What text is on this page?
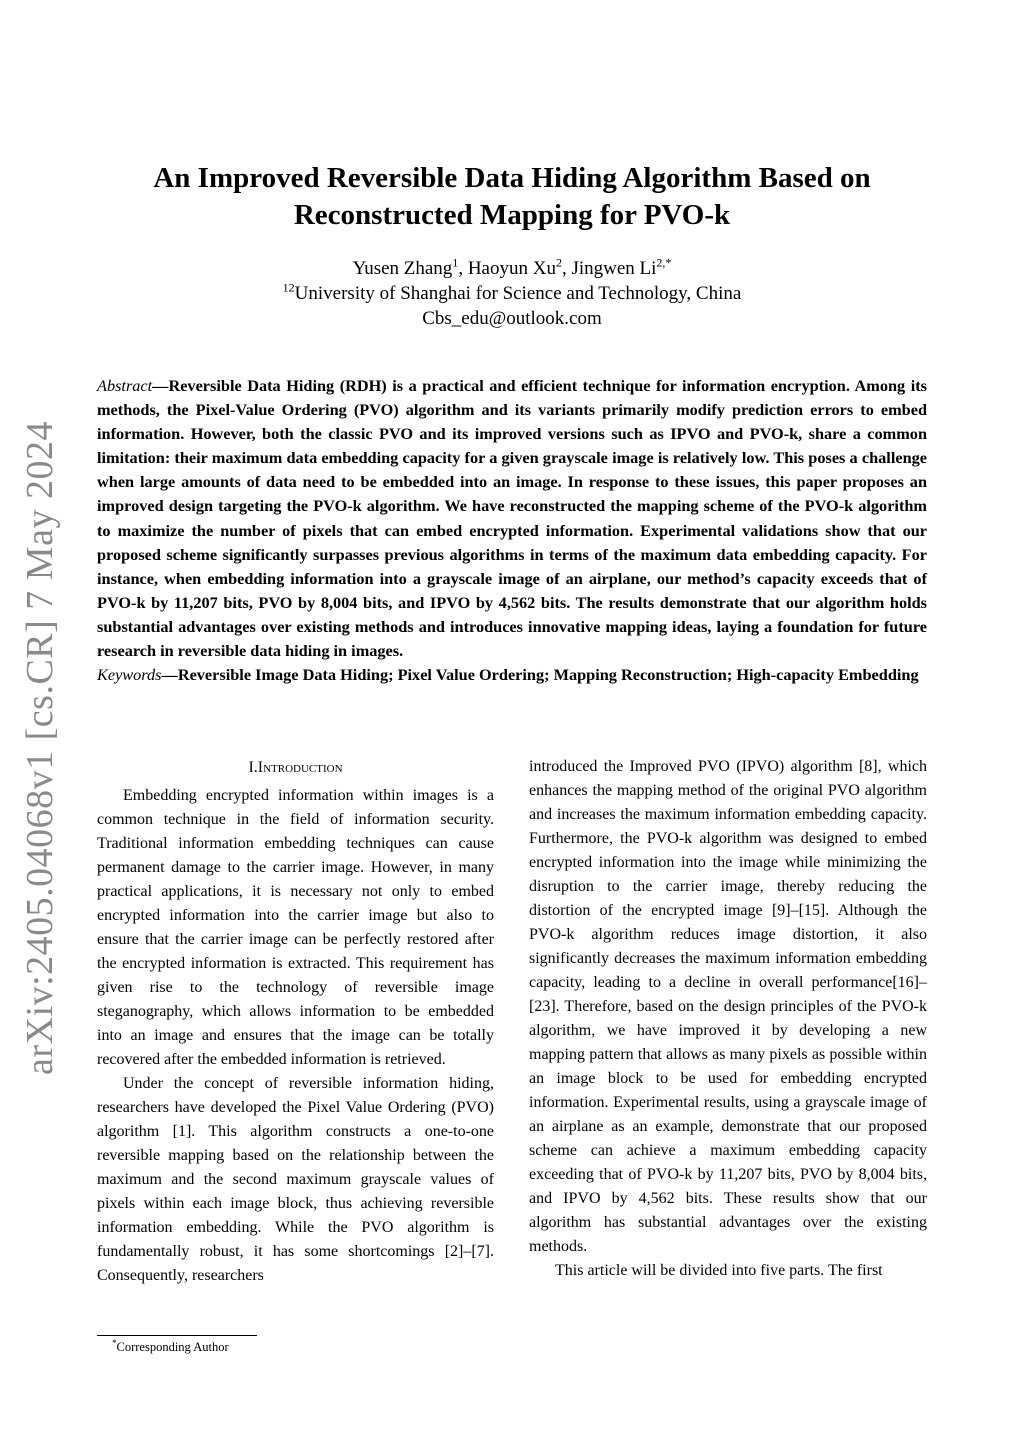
arXiv:2405.04068v1 [cs.CR] 7 May 2024
An Improved Reversible Data Hiding Algorithm Based on
Reconstructed Mapping for PVO-k
Yusen Zhang$^1$, Haoyun Xu$^2$, Jingwen $Li^{2,*}$
$^{12}$University of Shanghai for Science and Technology, China
Cbs_edu@outlook.com
Abstract—Reversible Data Hiding (RDH) is a practical and efficient technique for information encryption. Among its methods, the Pixel-Value Ordering (PVO) algorithm and its variants primarily modify prediction errors to embed information. However, both the classic PVO and its improved versions such as IPVO and PVO-k, share a common limitation: their maximum data embedding capacity for a given grayscale image is relatively low. This poses a challenge when large amounts of data need to be embedded into an image. In response to these issues, this paper proposes an improved design targeting the PVO-k algorithm. We have reconstructed the mapping scheme of the PVO-k algorithm to maximize the number of pixels that can embed encrypted information. Experimental validations show that our proposed scheme significantly surpasses previous algorithms in terms of the maximum data embedding capacity. For instance, when embedding information into a grayscale image of an airplane, our method’s capacity exceeds that of PVO-k by 11,207 bits, PVO by 8,004 bits, and IPVO by 4,562 bits. The results demonstrate that our algorithm holds substantial advantages over existing methods and introduces innovative mapping ideas, laying a foundation for future research in reversible data hiding in images.
Keywords—Reversible Image Data Hiding; Pixel Value Ordering; Mapping Reconstruction; High-capacity Embedding
I.Introduction

Embedding encrypted information within images is a common technique in the field of information security. Traditional information embedding techniques can cause permanent damage to the carrier image. However, in many practical applications, it is necessary not only to embed encrypted information into the carrier image but also to ensure that the carrier image can be perfectly restored after the encrypted information is extracted. This requirement has given rise to the technology of reversible image steganography, which allows information to be embedded into an image and ensures that the image can be totally recovered after the embedded information is retrieved.

Under the concept of reversible information hiding, researchers have developed the Pixel Value Ordering (PVO) algorithm [1]. This algorithm constructs a one-to-one reversible mapping based on the relationship between the maximum and the second maximum grayscale values of pixels within each image block, thus achieving reversible information embedding. While the PVO algorithm is fundamentally robust, it has some shortcomings [2]–[7]. Consequently, researchers

introduced the Improved PVO (IPVO) algorithm [8], which enhances the mapping method of the original PVO algorithm and increases the maximum information embedding capacity. Furthermore, the PVO-k algorithm was designed to embed encrypted information into the image while minimizing the disruption to the carrier image, thereby reducing the distortion of the encrypted image [9]–[15]. Although the PVO-k algorithm reduces image distortion, it also significantly decreases the maximum information embedding capacity, leading to a decline in overall performance[16]–[23]. Therefore, based on the design principles of the PVO-k algorithm, we have improved it by developing a new mapping pattern that allows as many pixels as possible within an image block to be used for embedding encrypted information. Experimental results, using a grayscale image of an airplane as an example, demonstrate that our proposed scheme can achieve a maximum embedding capacity exceeding that of PVO-k by 11,207 bits, PVO by 8,004 bits, and IPVO by 4,562 bits. These results show that our algorithm has substantial advantages over the existing methods.

This article will be divided into five parts. The first

*Corresponding Author
